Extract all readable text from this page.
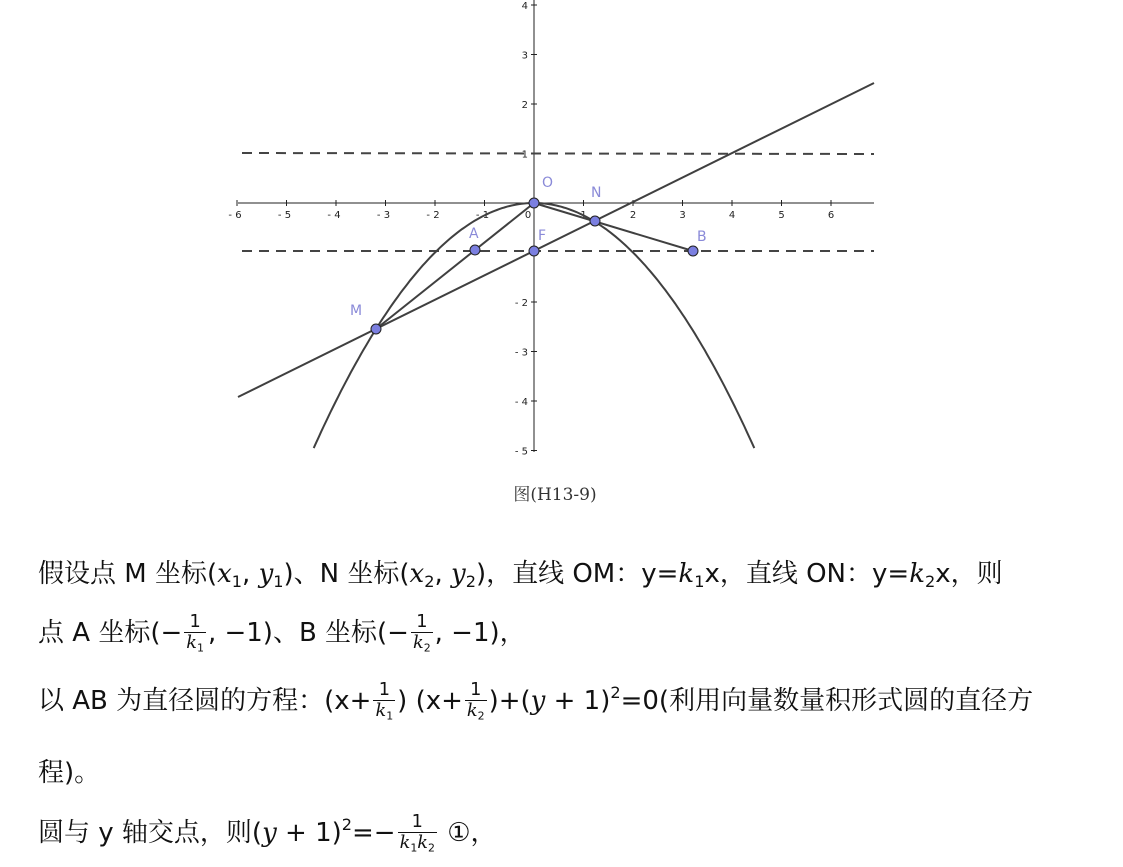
- 6	- 5	- 4	- 3	- 2	- 1	0	1	2	3	4	5	6
4
3
2
1
- 2
- 3
- 4
- 5
O
N
A	F	B
M
图(H13-9)
假设点 M 坐标($x_1$, $y_1$)、N 坐标($x_2$, $y_2$)，直线 OM：$y=k_1x$，直线 ON：$y=k_2x$，则
点 A 坐标(− $\frac{1}{k_1}$ , −1)、B 坐标(− $\frac{1}{k_2}$ , −1)，
以 AB 为直径圆的方程：($x+ \frac{1}{k_1}$ ) $(x+ \frac{1}{k_2} )+(y + 1)^2=0$(利用向量数量积形式圆的直径方
程)。
圆与 y 轴交点，则$(y + 1)^2=- \frac{1}{k_1k_2}$ ①，
